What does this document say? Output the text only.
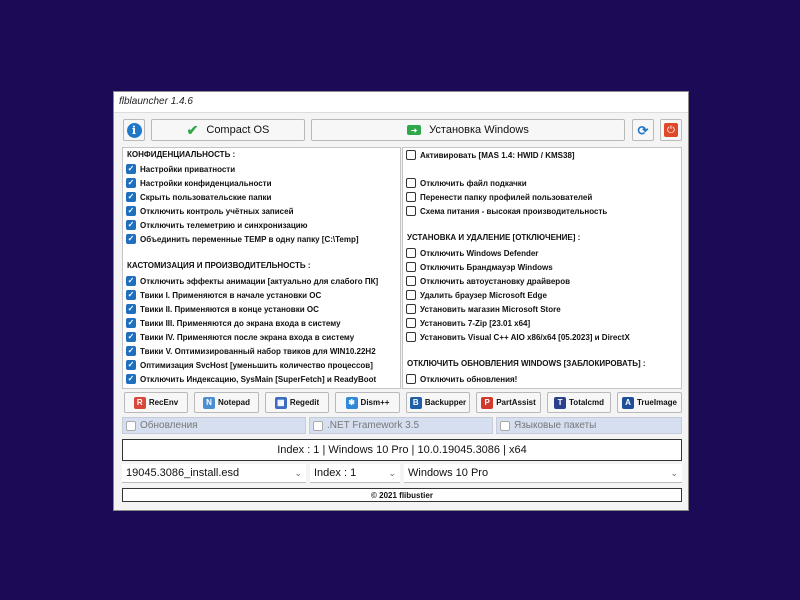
flblauncher 1.4.6
i	✔ Compact OS	➜	Установка Windows	⟳	⏻
КОНФИДЕНЦИАЛЬНОСТЬ :
✓ Настройки приватности
✓ Настройки конфиденциальности
✓ Скрыть пользовательские папки
✓ Отключить контроль учётных записей
✓ Отключить телеметрию и синхронизацию
✓ Объединить переменные TEMP в одну папку [C:\Temp]
КАСТОМИЗАЦИЯ И ПРОИЗВОДИТЕЛЬНОСТЬ :
✓ Отключить эффекты анимации [актуально для слабого ПК]
✓ Твики I. Применяются в начале установки ОС
✓ Твики II. Применяются в конце установки ОС
✓ Твики III. Применяются до экрана входа в систему
✓ Твики IV. Применяются после экрана входа в систему
✓ Твики V. Оптимизированный набор твиков для WIN10.22H2
✓ Оптимизация SvcHost [уменьшить количество процессов]
✓ Отключить Индексацию, SysMain [SuperFetch] и ReadyBoot
Активировать [MAS 1.4: HWID / KMS38]
Отключить файл подкачки
Перенести папку профилей пользователей
Схема питания - высокая производительность
УСТАНОВКА И УДАЛЕНИЕ [ОТКЛЮЧЕНИЕ] :
Отключить Windows Defender
Отключить Брандмауэр Windows
Отключить автоустановку драйверов
Удалить браузер Microsoft Edge
Установить магазин Microsoft Store
Установить 7-Zip [23.01 x64]
Установить Visual C++ AIO x86/x64 [05.2023] и DirectX
ОТКЛЮЧИТЬ ОБНОВЛЕНИЯ WINDOWS [ЗАБЛОКИРОВАТЬ] :
Отключить обновления!
R RecEnv	N Notepad	▦ Regedit	✱ Dism++	B Backupper	P PartAssist	T Totalcmd	A TrueImage
Обновления	.NET Framework 3.5	Языковые пакеты
Index : 1 | Windows 10 Pro | 10.0.19045.3086 | x64
19045.3086_install.esd	⌄ Index : 1	⌄ Windows 10 Pro	⌄
© 2021 flibustier
